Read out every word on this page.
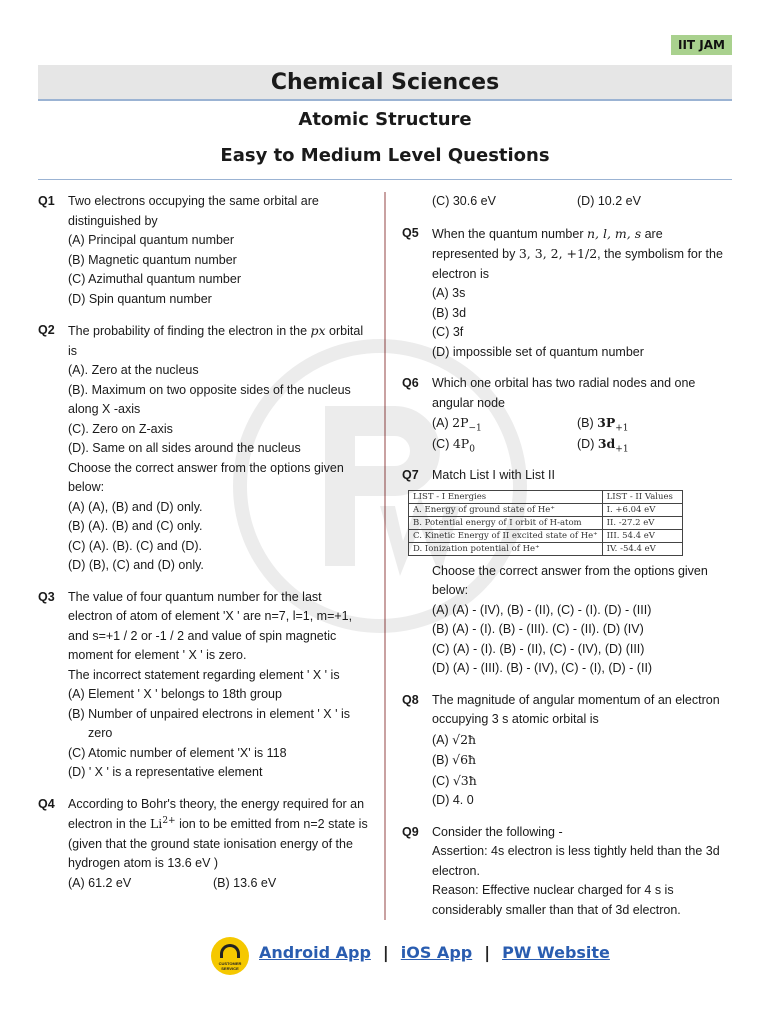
IIT JAM
Chemical Sciences
Atomic Structure
Easy to Medium Level Questions
Q1 Two electrons occupying the same orbital are distinguished by
(A) Principal quantum number
(B) Magnetic quantum number
(C) Azimuthal quantum number
(D) Spin quantum number
Q2 The probability of finding the electron in the px orbital is
(A). Zero at the nucleus
(B). Maximum on two opposite sides of the nucleus along X -axis
(C). Zero on Z-axis
(D). Same on all sides around the nucleus
Choose the correct answer from the options given below:
(A) (A), (B) and (D) only.
(B) (A). (B) and (C) only.
(C) (A). (B). (C) and (D).
(D) (B), (C) and (D) only.
Q3 The value of four quantum number for the last electron of atom of element 'X ' are n=7, l=1, m=+1, and s=+1 / 2 or -1 / 2 and value of spin magnetic moment for element ' X ' is zero.
The incorrect statement regarding element ' X ' is
(A) Element ' X ' belongs to 18th group
(B) Number of unpaired electrons in element ' X ' is zero
(C) Atomic number of element 'X' is 118
(D) ' X ' is a representative element
Q4 According to Bohr's theory, the energy required for an electron in the $Li^{2+}$ ion to be emitted from n=2 state is (given that the ground state ionisation energy of the hydrogen atom is 13.6 eV )
(A) 61.2 eV	(B) 13.6 eV
(C) 30.6 eV	(D) 10.2 eV
Q5 When the quantum number n, l, m, s are represented by 3, 3, 2, +1/2, the symbolism for the electron is
(A) 3s
(B) 3d
(C) 3f
(D) impossible set of quantum number
Q6 Which one orbital has two radial nodes and one angular node
(A) $2P_{-1}$	(B) $3P_{+1}$
(C) $4P_0$	(D) $3d_{+1}$
Q7 Match List I with List II
LIST - I Energies	LIST - II Values
A. Energy of ground state of He⁺	I. +6.04 eV
B. Potential energy of I orbit of H-atom	II. -27.2 eV
C. Kinetic Energy of II excited state of He⁺	III. 54.4 eV
D. Ionization potential of He⁺	IV. -54.4 eV
Choose the correct answer from the options given below:
(A) (A) - (IV), (B) - (II), (C) - (I). (D) - (III)
(B) (A) - (I). (B) - (III). (C) - (II). (D) (IV)
(C) (A) - (I). (B) - (II), (C) - (IV), (D) (III)
(D) (A) - (III). (B) - (IV), (C) - (I), (D) - (II)
Q8 The magnitude of angular momentum of an electron occupying 3 s atomic orbital is
(A) √2ħ
(B) √6ħ
(C) √3ħ
(D) 4. 0
Q9 Consider the following -
Assertion: 4s electron is less tightly held than the 3d electron.
Reason: Effective nuclear charged for 4 s is considerably smaller than that of 3d electron.
CUSTOMER SERVICE
Android App | iOS App | PW Website
